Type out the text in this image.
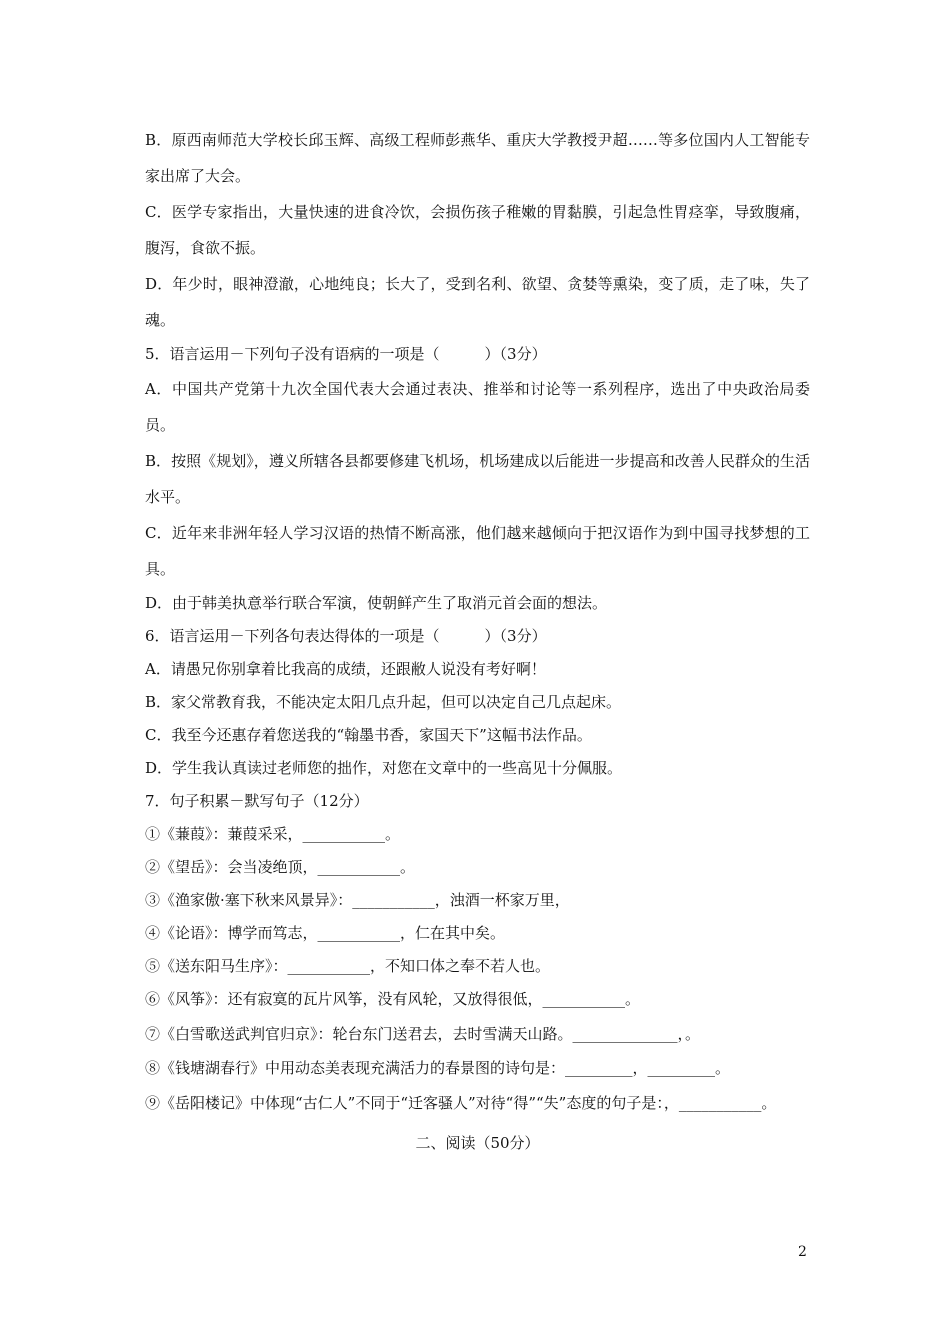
B．原西南师范大学校长邱玉辉、高级工程师彭燕华、重庆大学教授尹超……等多位国内人工智能专家出席了大会。
C．医学专家指出，大量快速的进食冷饮，会损伤孩子稚嫩的胃黏膜，引起急性胃痉挛，导致腹痛，腹泻，食欲不振。
D．年少时，眼神澄澈，心地纯良；长大了，受到名利、欲望、贪婪等熏染，变了质，走了味，失了魂。
5．语言运用－下列句子没有语病的一项是（　　　）（3分）
A．中国共产党第十九次全国代表大会通过表决、推举和讨论等一系列程序，选出了中央政治局委员。
B．按照《规划》，遵义所辖各县都要修建飞机场，机场建成以后能进一步提高和改善人民群众的生活水平。
C．近年来非洲年轻人学习汉语的热情不断高涨，他们越来越倾向于把汉语作为到中国寻找梦想的工具。
D．由于韩美执意举行联合军演，使朝鲜产生了取消元首会面的想法。
6．语言运用－下列各句表达得体的一项是（　　　）（3分）
A．请愚兄你别拿着比我高的成绩，还跟敝人说没有考好啊！
B．家父常教育我，不能决定太阳几点升起，但可以决定自己几点起床。
C．我至今还惠存着您送我的“翰墨书香，家国天下”这幅书法作品。
D．学生我认真读过老师您的拙作，对您在文章中的一些高见十分佩服。
7．句子积累－默写句子（12分）
①《蒹葭》：蒹葭采采，___________。
②《望岳》：会当凌绝顶，___________。
③《渔家傲·塞下秋来风景异》：___________，浊酒一杯家万里，
④《论语》：博学而笃志，___________，仁在其中矣。
⑤《送东阳马生序》：___________，不知口体之奉不若人也。
⑥《风筝》：还有寂寞的瓦片风筝，没有风轮，又放得很低，___________。
⑦《白雪歌送武判官归京》：轮台东门送君去，去时雪满天山路。______________，。
⑧《钱塘湖春行》中用动态美表现充满活力的春景图的诗句是：_________，_________。
⑨《岳阳楼记》中体现“古仁人”不同于“迁客骚人”对待“得”“失”态度的句子是：，___________。
二、阅读（50分）
2
